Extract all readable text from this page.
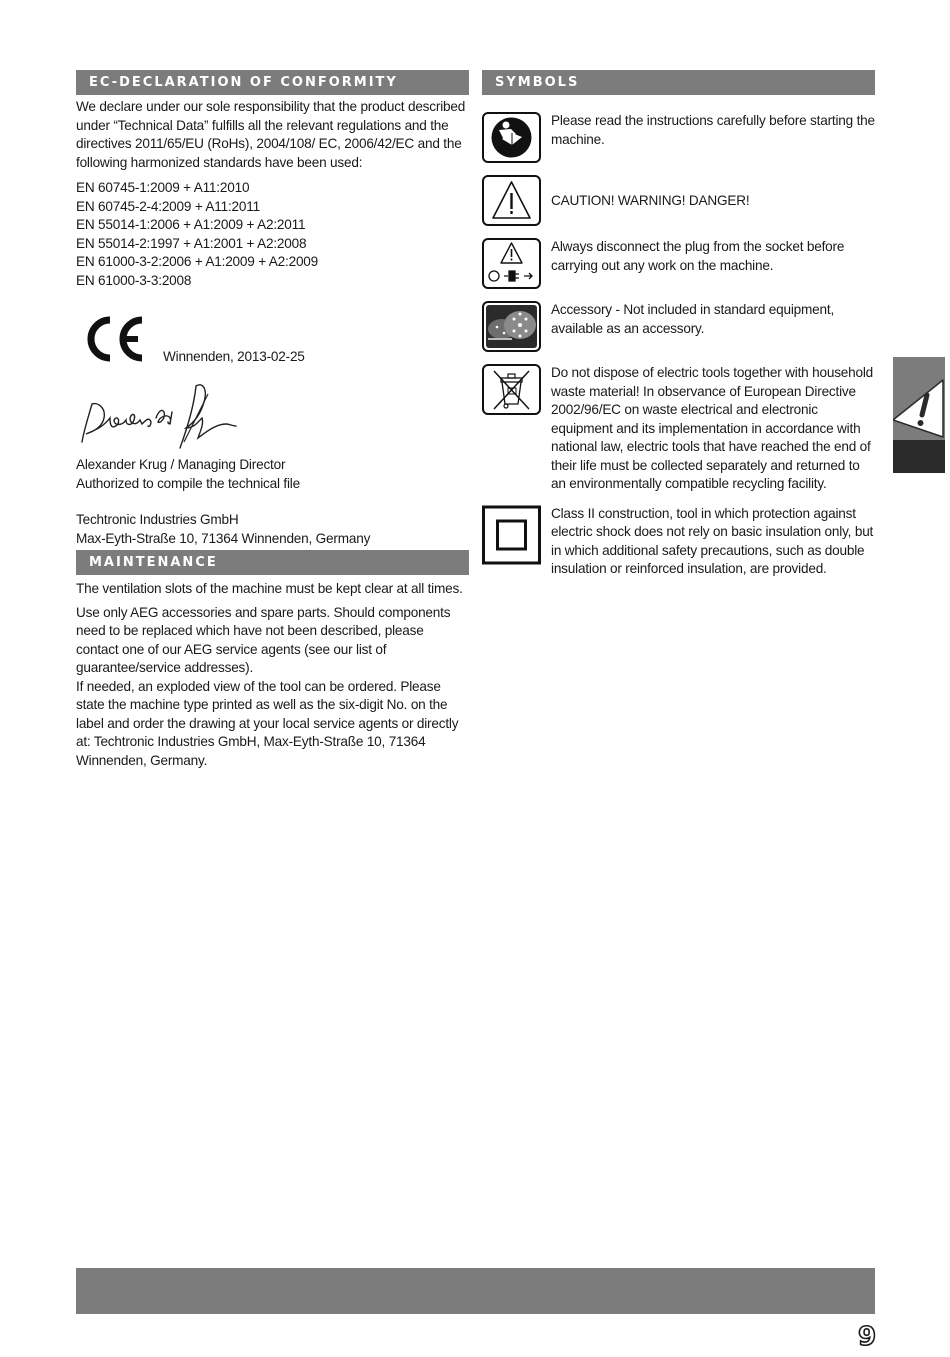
EC-DECLARATION OF CONFORMITY

We declare under our sole responsibility that the product described under “Technical Data” fulfills all the relevant regulations and the directives 2011/65/EU (RoHs), 2004/108/ EC, 2006/42/EC and the following harmonized standards have been used:

EN 60745-1:2009 + A11:2010
EN 60745-2-4:2009 + A11:2011
EN 55014-1:2006 + A1:2009 + A2:2011
EN 55014-2:1997 + A1:2001 + A2:2008
EN 61000-3-2:2006 + A1:2009 + A2:2009
EN 61000-3-3:2008
Winnenden, 2013-02-25
Alexander Krug / Managing Director
Authorized to compile the technical file
Techtronic Industries GmbH
Max-Eyth-Straße 10, 71364 Winnenden, Germany
MAINTENANCE

The ventilation slots of the machine must be kept clear at all times.

Use only AEG accessories and spare parts. Should components need to be replaced which have not been described, please contact one of our AEG service agents (see our list of guarantee/service addresses).

If needed, an exploded view of the tool can be ordered. Please state the machine type printed as well as the six-digit No. on the label and order the drawing at your local service agents or directly at: Techtronic Industries GmbH, Max-Eyth-Straße 10, 71364 Winnenden, Germany.

SYMBOLS

Please read the instructions carefully before starting the machine.

CAUTION! WARNING! DANGER!

Always disconnect the plug from the socket before carrying out any work on the machine.

Accessory - Not included in standard equipment, available as an accessory.

Do not dispose of electric tools together with household waste material! In observance of European Directive 2002/96/EC on waste electrical and electronic equipment and its implementation in accordance with national law, electric tools that have reached the end of their life must be collected separately and returned to an environmentally compatible recycling facility.

Class II construction, tool in which protection against electric shock does not rely on basic insulation only, but in which additional safety precautions, such as double insulation or reinforced insulation, are provided.

9
